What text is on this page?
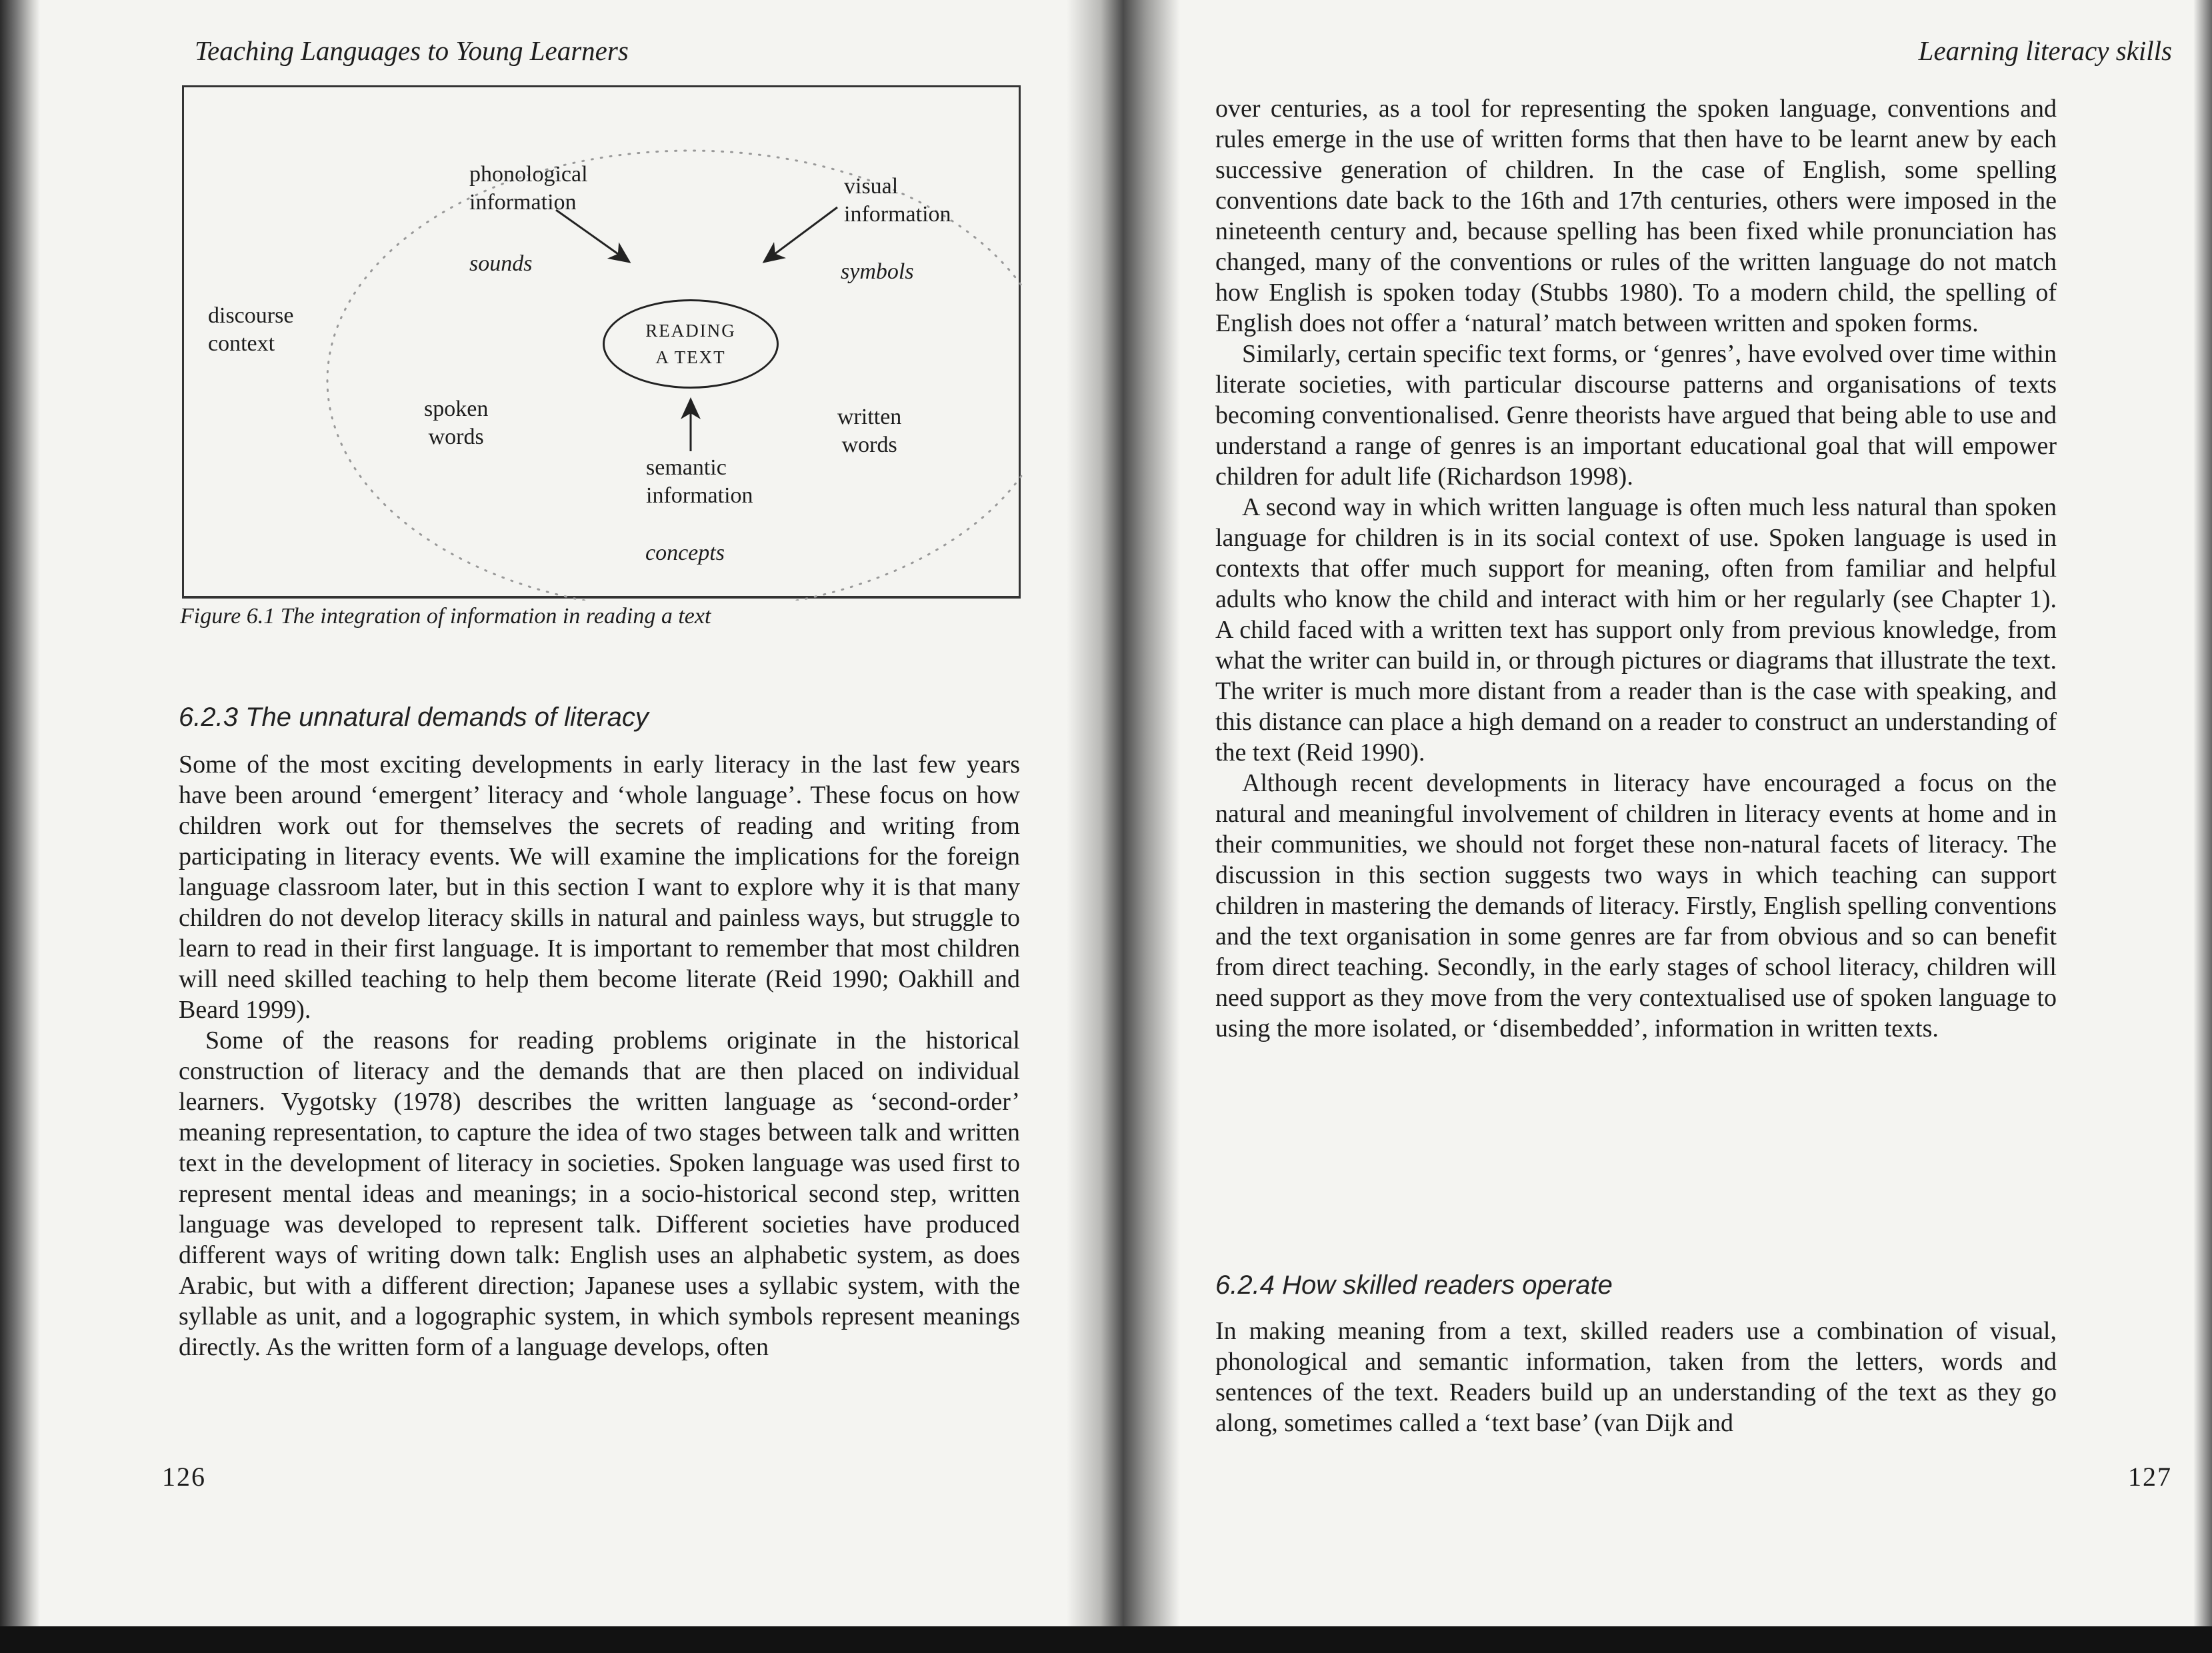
Teaching Languages to Young Learners
phonological
information
visual
information
sounds	symbols
discourse
context
READING
A TEXT
spoken
words
written
words
semantic
information
concepts
Figure 6.1 The integration of information in reading a text
6.2.3 The unnatural demands of literacy

Some of the most exciting developments in early literacy in the last few years have been around ‘emergent’ literacy and ‘whole language’. These focus on how children work out for themselves the secrets of reading and writing from participating in literacy events. We will examine the implications for the foreign language classroom later, but in this section I want to explore why it is that many children do not develop literacy skills in natural and painless ways, but struggle to learn to read in their first language. It is important to remember that most children will need skilled teaching to help them become literate (Reid 1990; Oakhill and Beard 1999).

Some of the reasons for reading problems originate in the historical construction of literacy and the demands that are then placed on individual learners. Vygotsky (1978) describes the written language as ‘second-order’ meaning representation, to capture the idea of two stages between talk and written text in the development of literacy in societies. Spoken language was used first to represent mental ideas and meanings; in a socio-historical second step, written language was developed to represent talk. Different societies have produced different ways of writing down talk: English uses an alphabetic system, as does Arabic, but with a different direction; Japanese uses a syllabic system, with the syllable as unit, and a logographic system, in which symbols represent meanings directly. As the written form of a language develops, often

126
Learning literacy skills

over centuries, as a tool for representing the spoken language, conventions and rules emerge in the use of written forms that then have to be learnt anew by each successive generation of children. In the case of English, some spelling conventions date back to the 16th and 17th centuries, others were imposed in the nineteenth century and, because spelling has been fixed while pronunciation has changed, many of the conventions or rules of the written language do not match how English is spoken today (Stubbs 1980). To a modern child, the spelling of English does not offer a ‘natural’ match between written and spoken forms.

Similarly, certain specific text forms, or ‘genres’, have evolved over time within literate societies, with particular discourse patterns and organisations of texts becoming conventionalised. Genre theorists have argued that being able to use and understand a range of genres is an important educational goal that will empower children for adult life (Richardson 1998).

A second way in which written language is often much less natural than spoken language for children is in its social context of use. Spoken language is used in contexts that offer much support for meaning, often from familiar and helpful adults who know the child and interact with him or her regularly (see Chapter 1). A child faced with a written text has support only from previous knowledge, from what the writer can build in, or through pictures or diagrams that illustrate the text. The writer is much more distant from a reader than is the case with speaking, and this distance can place a high demand on a reader to construct an understanding of the text (Reid 1990).

Although recent developments in literacy have encouraged a focus on the natural and meaningful involvement of children in literacy events at home and in their communities, we should not forget these non-natural facets of literacy. The discussion in this section suggests two ways in which teaching can support children in mastering the demands of literacy. Firstly, English spelling conventions and the text organisation in some genres are far from obvious and so can benefit from direct teaching. Secondly, in the early stages of school literacy, children will need support as they move from the very contextualised use of spoken language to using the more isolated, or ‘disembedded’, information in written texts.

6.2.4 How skilled readers operate

In making meaning from a text, skilled readers use a combination of visual, phonological and semantic information, taken from the letters, words and sentences of the text. Readers build up an understanding of the text as they go along, sometimes called a ‘text base’ (van Dijk and

127
